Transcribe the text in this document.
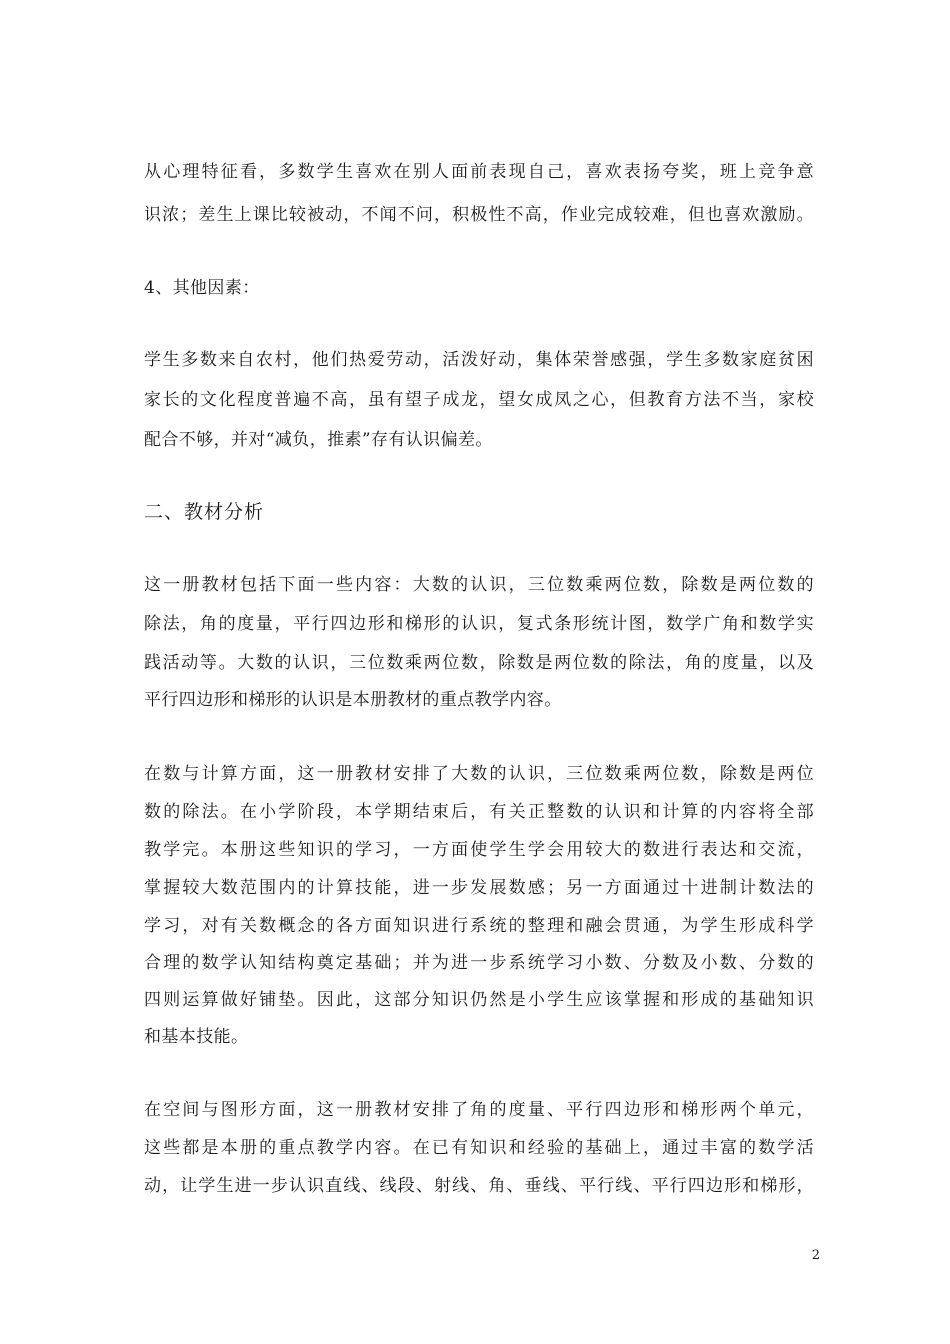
从心理特征看，多数学生喜欢在别人面前表现自己，喜欢表扬夸奖，班上竞争意
识浓；差生上课比较被动，不闻不问，积极性不高，作业完成较难，但也喜欢激励。
4、其他因素：
学生多数来自农村，他们热爱劳动，活泼好动，集体荣誉感强，学生多数家庭贫困
家长的文化程度普遍不高，虽有望子成龙，望女成凤之心，但教育方法不当，家校
配合不够，并对“减负，推素”存有认识偏差。
二、教材分析
这一册教材包括下面一些内容：大数的认识，三位数乘两位数，除数是两位数的
除法，角的度量，平行四边形和梯形的认识，复式条形统计图，数学广角和数学实
践活动等。大数的认识，三位数乘两位数，除数是两位数的除法，角的度量，以及
平行四边形和梯形的认识是本册教材的重点教学内容。
在数与计算方面，这一册教材安排了大数的认识，三位数乘两位数，除数是两位
数的除法。在小学阶段，本学期结束后，有关正整数的认识和计算的内容将全部
教学完。本册这些知识的学习，一方面使学生学会用较大的数进行表达和交流，
掌握较大数范围内的计算技能，进一步发展数感；另一方面通过十进制计数法的
学习，对有关数概念的各方面知识进行系统的整理和融会贯通，为学生形成科学
合理的数学认知结构奠定基础；并为进一步系统学习小数、分数及小数、分数的
四则运算做好铺垫。因此，这部分知识仍然是小学生应该掌握和形成的基础知识
和基本技能。
在空间与图形方面，这一册教材安排了角的度量、平行四边形和梯形两个单元，
这些都是本册的重点教学内容。在已有知识和经验的基础上，通过丰富的数学活
动，让学生进一步认识直线、线段、射线、角、垂线、平行线、平行四边形和梯形，
2
